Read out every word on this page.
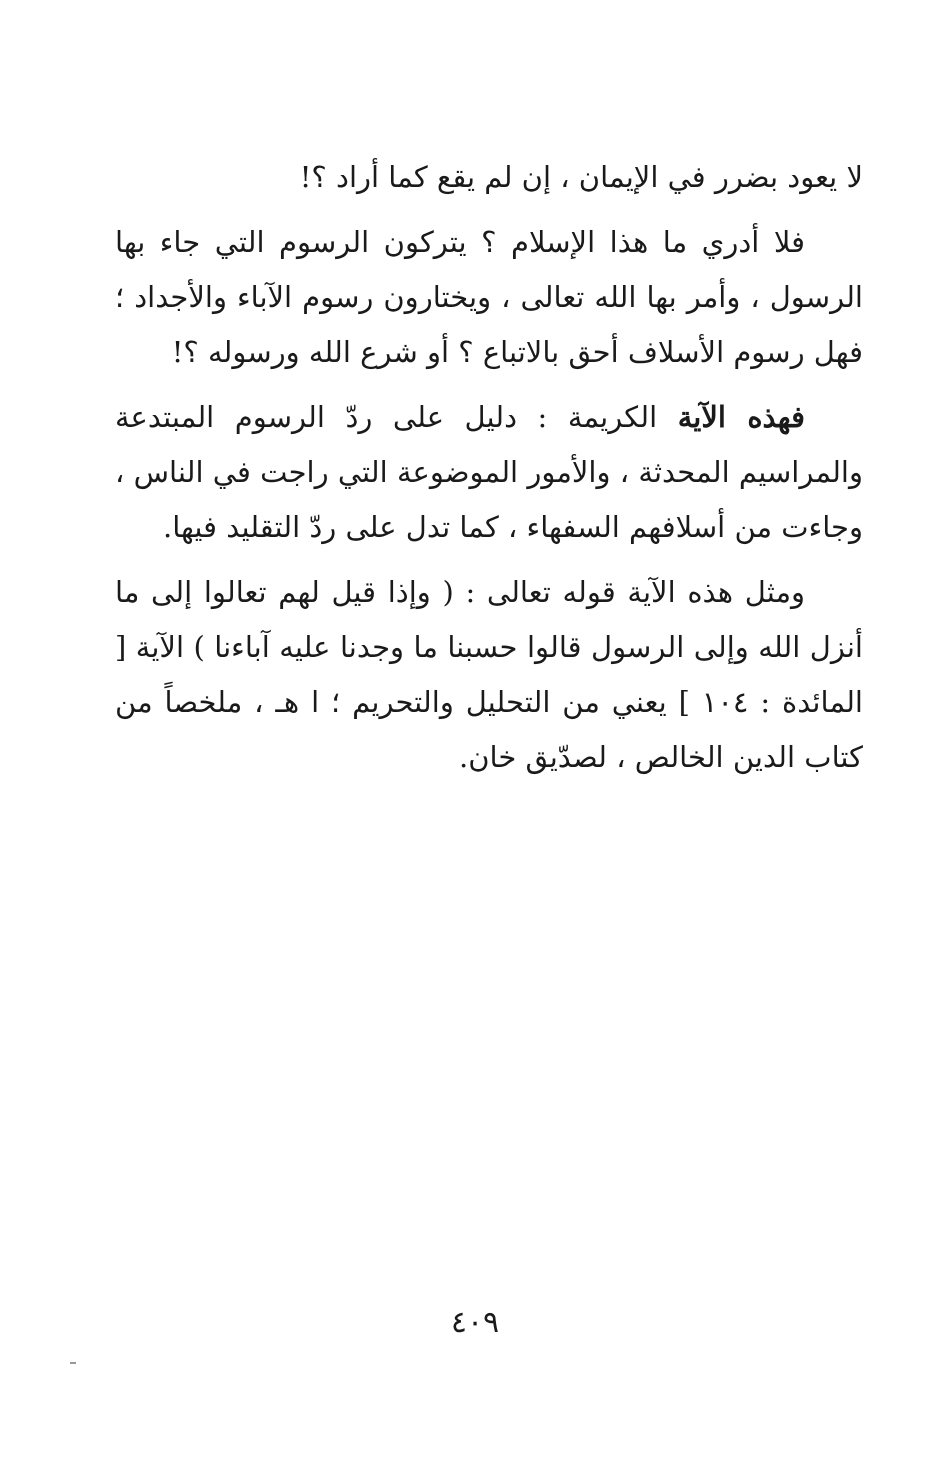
لا يعود بضرر في الإيمان ، إن لم يقع كما أراد ؟!

فلا أدري ما هذا الإسلام ؟ يتركون الرسوم التي جاء بها الرسول ، وأمر بها الله تعالى ، ويختارون رسوم الآباء والأجداد ؛ فهل رسوم الأسلاف أحق بالاتباع ؟ أو شرع الله ورسوله ؟!

فهذه الآية الكريمة : دليل على ردّ الرسوم المبتدعة والمراسيم المحدثة ، والأمور الموضوعة التي راجت في الناس ، وجاءت من أسلافهم السفهاء ، كما تدل على ردّ التقليد فيها.

ومثل هذه الآية قوله تعالى : ( وإذا قيل لهم تعالوا إلى ما أنزل الله وإلى الرسول قالوا حسبنا ما وجدنا عليه آباءنا ) الآية [ المائدة : ١٠٤ ] يعني من التحليل والتحريم ؛ ا هـ ، ملخصاً من كتاب الدين الخالص ، لصدّيق خان.

٤٠٩
